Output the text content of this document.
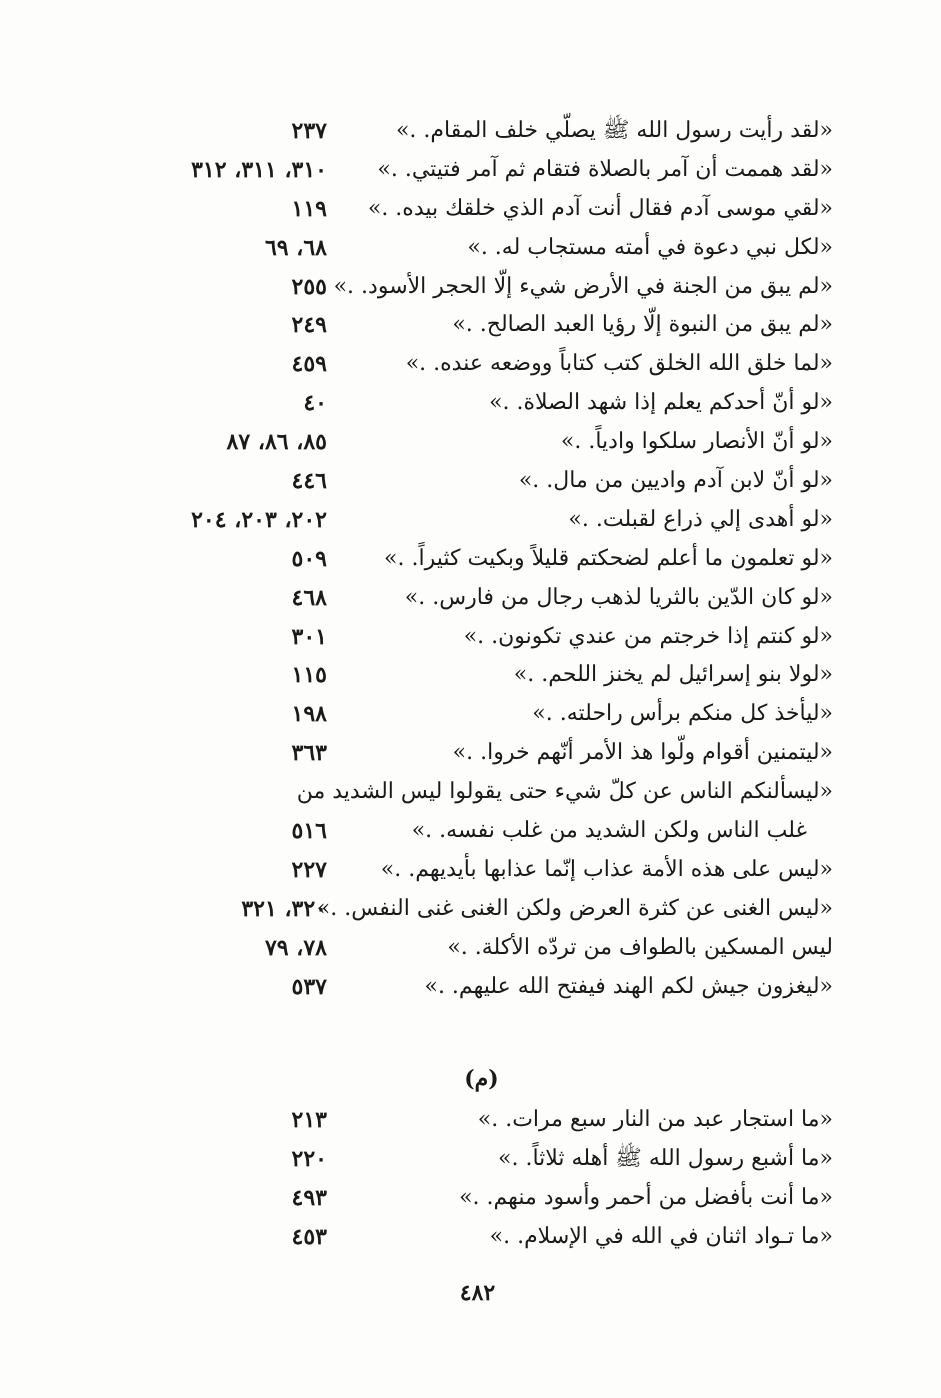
«لقد رأيت رسول الله ﷺ يصلّي خلف المقام. .»
٢٣٧
«لقد هممت أن آمر بالصلاة فتقام ثم آمر فتيتي. .»
٣١٠، ٣١١، ٣١٢
«لقي موسى آدم فقال أنت آدم الذي خلقك بيده. .»
١١٩
«لكل نبي دعوة في أمته مستجاب له. .»
٦٨، ٦٩
«لم يبق من الجنة في الأرض شيء إلّا الحجر الأسود. .»
٢٥٥
«لم يبق من النبوة إلّا رؤيا العبد الصالح. .»
٢٤٩
«لما خلق الله الخلق كتب كتاباً ووضعه عنده. .»
٤٥٩
«لو أنّ أحدكم يعلم إذا شهد الصلاة. .»
٤٠
«لو أنّ الأنصار سلكوا وادياً. .»
٨٥، ٨٦، ٨٧
«لو أنّ لابن آدم واديين من مال. .»
٤٤٦
«لو أهدى إلي ذراع لقبلت. .»
٢٠٢، ٢٠٣، ٢٠٤
«لو تعلمون ما أعلم لضحكتم قليلاً وبكيت كثيراً. .»
٥٠٩
«لو كان الدّين بالثريا لذهب رجال من فارس. .»
٤٦٨
«لو كنتم إذا خرجتم من عندي تكونون. .»
٣٠١
«لولا بنو إسرائيل لم يخنز اللحم. .»
١١٥
«ليأخذ كل منكم برأس راحلته. .»
١٩٨
«ليتمنين أقوام ولّوا هذ الأمر أنّهم خروا. .»
٣٦٣
«ليسألنكم الناس عن كلّ شيء حتى يقولوا ليس الشديد من
غلب الناس ولكن الشديد من غلب نفسه. .»
٥١٦
«ليس على هذه الأمة عذاب إنّما عذابها بأيديهم. .»
٢٢٧
«ليس الغنى عن كثرة العرض ولكن الغنى غنى النفس. .»
٣٢٠، ٣٢١
ليس المسكين بالطواف من تردّه الأكلة. .»
٧٨، ٧٩
«ليغزون جيش لكم الهند فيفتح الله عليهم. .»
٥٣٧
(م)
«ما استجار عبد من النار سبع مرات. .»
٢١٣
«ما أشبع رسول الله ﷺ أهله ثلاثاً. .»
٢٢٠
«ما أنت بأفضل من أحمر وأسود منهم. .»
٤٩٣
«ما تـواد اثنان في الله في الإسلام. .»
٤٥٣
٤٨٢
